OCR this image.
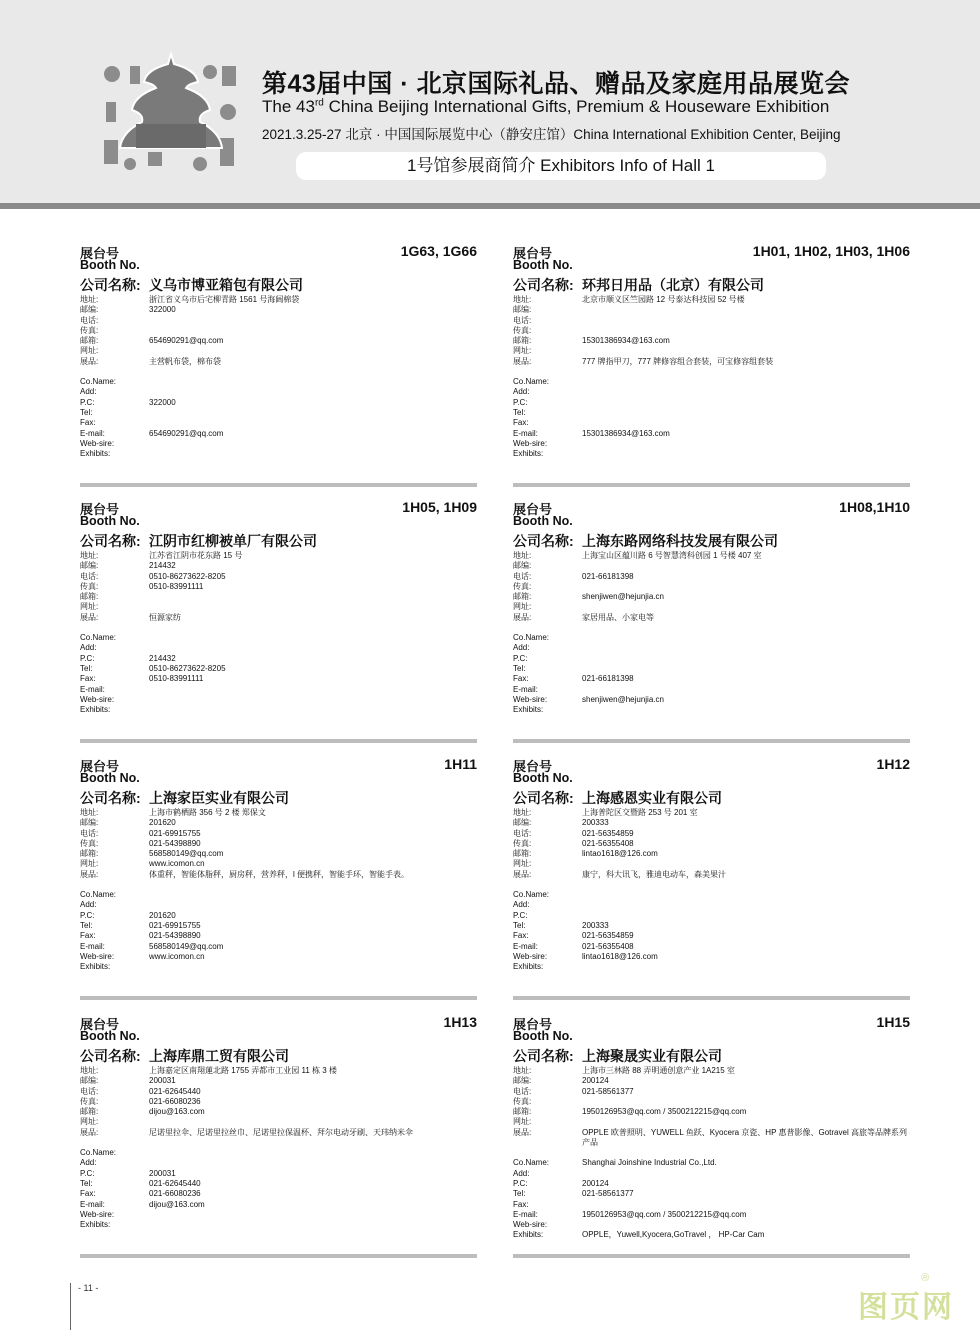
第43届中国 · 北京国际礼品、赠品及家庭用品展览会
The 43rd China Beijing International Gifts, Premium & Houseware Exhibition
2021.3.25-27 北京 · 中国国际展览中心（静安庄馆）China International Exhibition Center, Beijing
1号馆参展商简介 Exhibitors Info of Hall 1
展台号
Booth No.
1G63, 1G66
公司名称: 义乌市博亚箱包有限公司
地址:	浙江省义乌市后宅柳青路 1561 号海阔棉袋
邮编:	322000
电话:
传真:
邮箱:	654690291@qq.com
网址:
展品:	主营帆布袋，棉布袋
Co.Name:
Add:
P.C:	322000
Tel:
Fax:
E-mail:	654690291@qq.com
Web-sire:
Exhibits:
展台号
Booth No.
1H01, 1H02, 1H03, 1H06
公司名称: 环邦日用品（北京）有限公司
地址:	北京市顺义区竺园路 12 号泰达科技园 52 号楼
邮编:
电话:
传真:
邮箱:	15301386934@163.com
网址:
展品:	777 牌指甲刀，777 牌修容组合套装，可宝修容组套装
Co.Name:
Add:
P.C:
Tel:
Fax:
E-mail:	15301386934@163.com
Web-sire:
Exhibits:
展台号
Booth No.
1H05, 1H09
公司名称: 江阴市红柳被单厂有限公司
地址:	江苏省江阴市花东路 15 号
邮编:	214432
电话:	0510-86273622-8205
传真:	0510-83991111
邮箱:
网址:
展品:	恒源家纺
Co.Name:
Add:
P.C:	214432
Tel:	0510-86273622-8205
Fax:	0510-83991111
E-mail:
Web-sire:
Exhibits:
展台号
Booth No.
1H08,1H10
公司名称: 上海东路网络科技发展有限公司
地址:	上海宝山区蕴川路 6 号智慧湾科创园 1 号楼 407 室
邮编:
电话:	021-66181398
传真:
邮箱:	shenjiwen@hejunjia.cn
网址:
展品:	家居用品、小家电等
Co.Name:
Add:
P.C:
Tel:
Fax:	021-66181398
E-mail:
Web-sire:	shenjiwen@hejunjia.cn
Exhibits:
展台号
Booth No.
1H11
公司名称: 上海家臣实业有限公司
地址:	上海市鹤栖路 356 号 2 楼 郑保文
邮编:	201620
电话:	021-69915755
传真:	021-54398890
邮箱:	568580149@qq.com
网址:	www.icomon.cn
展品:	体重秤，智能体脂秤，厨房秤，营养秤，l 便携秤，智能手环，智能手表。
Co.Name:
Add:
P.C:	201620
Tel:	021-69915755
Fax:	021-54398890
E-mail:	568580149@qq.com
Web-sire:	www.icomon.cn
Exhibits:
展台号
Booth No.
1H12
公司名称: 上海感恩实业有限公司
地址:	上海普陀区交暨路 253 号 201 室
邮编:	200333
电话:	021-56354859
传真:	021-56355408
邮箱:	lintao1618@126.com
网址:
展品:	康宁，科大讯飞，雅迪电动车，森美果汁
Co.Name:
Add:
P.C:
Tel:	200333
Fax:	021-56354859
E-mail:	021-56355408
Web-sire:	lintao1618@126.com
Exhibits:
展台号
Booth No.
1H13
公司名称: 上海库鼎工贸有限公司
地址:	上海嘉定区南翔蓮北路 1755 弄都市工业园 11 栋 3 楼
邮编:	200031
电话:	021-62645440
传真:	021-66080236
邮箱:	dijou@163.com
网址:
展品:	尼诺里拉伞、尼诺里拉丝巾、尼诺里拉保温杯、拜尔电动牙刷、天玮纳米伞
Co.Name:
Add:
P.C:	200031
Tel:	021-62645440
Fax:	021-66080236
E-mail:	dijou@163.com
Web-sire:
Exhibits:
展台号
Booth No.
1H15
公司名称: 上海聚晟实业有限公司
地址:	上海市三林路 88 弄明通创意产业 1A215 室
邮编:	200124
电话:	021-58561377
传真:
邮箱:	1950126953@qq.com / 3500212215@qq.com
网址:
展品:	OPPLE 欧普照明、YUWELL 鱼跃、Kyocera 京瓷、HP 惠普影像、Gotravel 高旅等品牌系列产品
Co.Name:	Shanghai Joinshine Industrial Co.,Ltd.
Add:
P.C:	200124
Tel:	021-58561377
Fax:
E-mail:	1950126953@qq.com / 3500212215@qq.com
Web-sire:
Exhibits:	OPPLE，Yuwell,Kyocera,GoTravel ， HP-Car Cam
- 11 -
图页网
®
